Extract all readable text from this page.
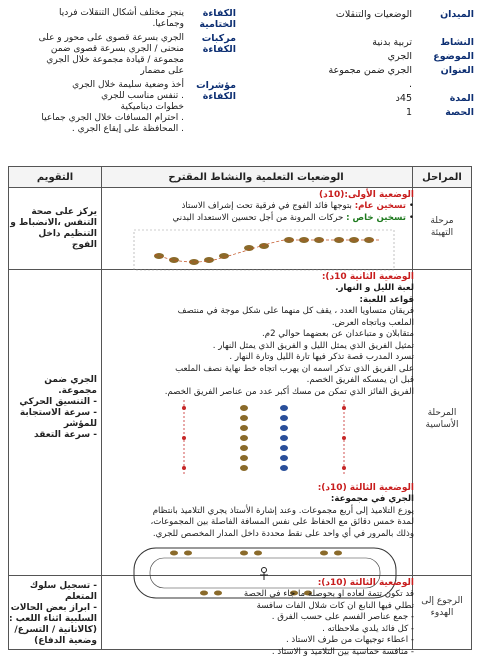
الميدان
الوضعيات والتنقلات
النشاط
تربية بدنية
الموضوع
الجري
العنوان
الجري ضمن مجموعة .
المدة
45د
الحصة
1
الكفاءة الختامية
ينجز مختلف أشكال التنقلات فرديا
وجماعيا.
مركبات الكفاءة
الجري بسرعة قصوى على محور و على
منحنى / الجري بسرعة قصوى ضمن
مجموعة / قيادة مجموعة خلال الجري
على مضمار
مؤشرات الكفاءة
أخذ وضعية سليمة خلال الجري
. تنفس مناسب للجري
خطوات ديناميكية
. احترام المسافات خلال الجري جماعيا
. المحافظة على إيقاع الجري .
المراحل
الوضعيات التعلمية والنشاط المقترح
التقويم
مرحلة
التهيئة
يركز على صحة
التنفس ،الانضباط و
التنظيم داخل
الفوج
الوضعية الأولى:(10د)
• تسخين عام: بتوجها فائد الفوج في فرقية تحت إشراف الاستاذ
• تسخين خاص : حركات المرونة من أجل تحسين الاستعداد البدني
المرحلة
الأساسية
الجري ضمن
مجموعة.
- التنسيق الحركي
- سرعة الاستجابة
للمؤشر
- سرعة التعقد
الوضعية الثانية 10د):
لعبة الليل و النهار.
قواعد اللعبة:
فريقان متساويا العدد ، يقف كل منهما على شكل موجة في منتصف
الملعب وباتجاه العرض.
متقابلان و متباعدان عن بعضهما حوالي 2م.
تمثيل الفريق الذي يمثل الليل و الفريق الذي يمثل النهار .
تسرد المدرب قصة تذكر فيها تارة الليل وتارة النهار .
على الفريق الذي تذكر اسمه ان يهرب اتجاه خط نهاية نصف الملعب
قبل ان يمسكه الفريق الخصم.
الفريق الفائز الذي تمكن من مسك أكبر عدد من عناصر الفريق الخصم.
الوضعية الثالثة (10د):
الجري في مجموعة:
يوزع التلاميذ إلى أربع مجموعات. وعند إشارة الأستاذ يجري التلاميذ بانتظام
لمدة خمس دقائق مع الحفاظ على نفس المسافة الفاصلة بين المجموعات،
وذلك بالمرور في أي واحد على نقط محددة داخل المدار المخصص للجري.
الرجوع إلى
الهدوء
- تسجيل سلوك المتعلم
- ابراز بعض الحالات
السلبية اثناء اللعب :
(كالانانية / التسرع/
وضعية الدفاع)
الوضعية الثالثة (10د):
قد تكون تتمة لعاده او بحوصلة ما جاء في الحصة
تطلي فيها النابع ان كات شلال الفات سافسة
- جمع عناصر الفسم على حسب الفرق .
- كل فائد يلدي ملاحظاته .
- اعطاء توجيهات من طرف الاستاذ .
- منافسة حماسية بين التلاميذ و الاستاذ .
